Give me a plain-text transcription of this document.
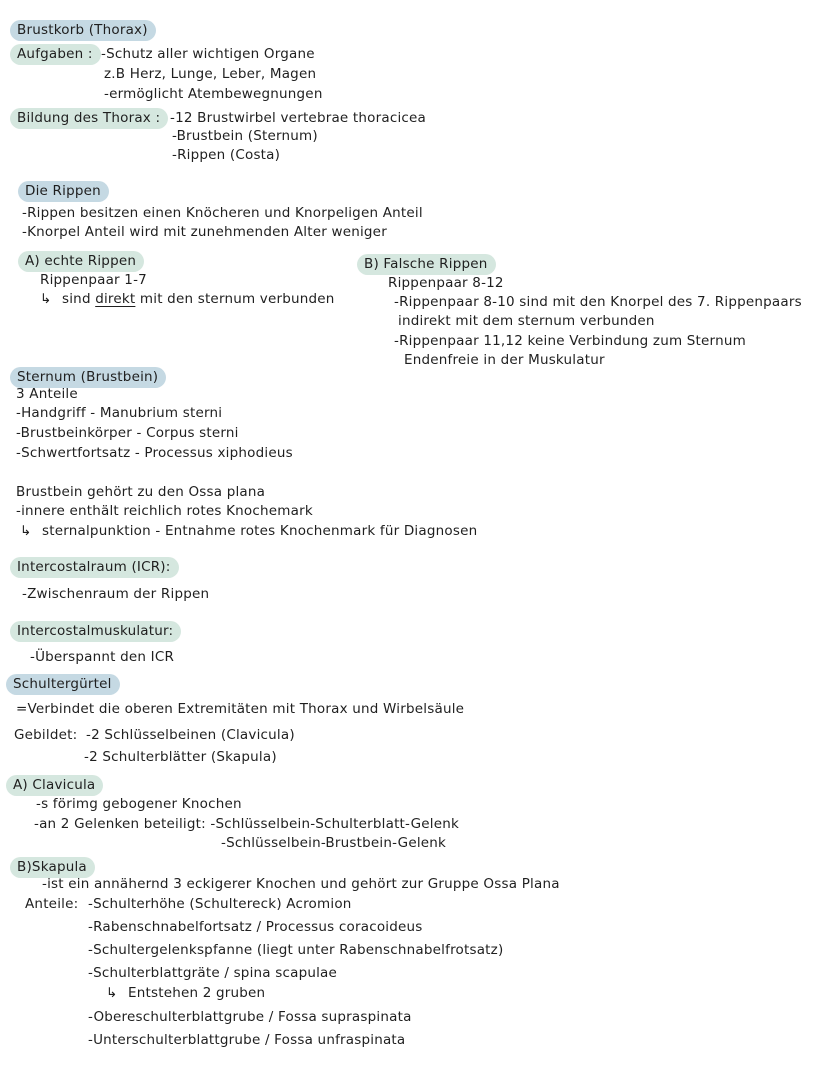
Brustkorb (Thorax)
Aufgaben : -Schutz aller wichtigen Organe
z.B Herz, Lunge, Leber, Magen
-ermöglicht Atembewegnungen
Bildung des Thorax : -12 Brustwirbel vertebrae thoracicea
-Brustbein (Sternum)
-Rippen (Costa)
Die Rippen
-Rippen besitzen einen Knöcheren und Knorpeligen Anteil
-Knorpel Anteil wird mit zunehmenden Alter weniger
A) echte Rippen
Rippenpaar 1-7
↳ sind direkt mit den sternum verbunden
B) Falsche Rippen
Rippenpaar 8-12
-Rippenpaar 8-10 sind mit den Knorpel des 7. Rippenpaars
indirekt mit dem sternum verbunden
-Rippenpaar 11,12 keine Verbindung zum Sternum
Endenfreie in der Muskulatur
Sternum (Brustbein)
3 Anteile
-Handgriff - Manubrium sterni
-Brustbeinkörper - Corpus sterni
-Schwertfortsatz - Processus xiphodieus
Brustbein gehört zu den Ossa plana
-innere enthält reichlich rotes Knochemark
↳ sternalpunktion - Entnahme rotes Knochenmark für Diagnosen
Intercostalraum (ICR):
-Zwischenraum der Rippen
Intercostalmuskulatur:
-Überspannt den ICR
Schultergürtel
=Verbindet die oberen Extremitäten mit Thorax und Wirbelsäule
Gebildet: -2 Schlüsselbeinen (Clavicula)
-2 Schulterblätter (Skapula)
A) Clavicula
-s förimg gebogener Knochen
-an 2 Gelenken beteiligt: -Schlüsselbein-Schulterblatt-Gelenk
-Schlüsselbein-Brustbein-Gelenk
B)Skapula
-ist ein annähernd 3 eckigerer Knochen und gehört zur Gruppe Ossa Plana
Anteile: -Schulterhöhe (Schultereck) Acromion
-Rabenschnabelfortsatz / Processus coracoideus
-Schultergelenkspfanne (liegt unter Rabenschnabelfrotsatz)
-Schulterblattgräte / spina scapulae
↳ Entstehen 2 gruben
-Obereschulterblattgrube / Fossa supraspinata
-Unterschulterblattgrube / Fossa unfraspinata
